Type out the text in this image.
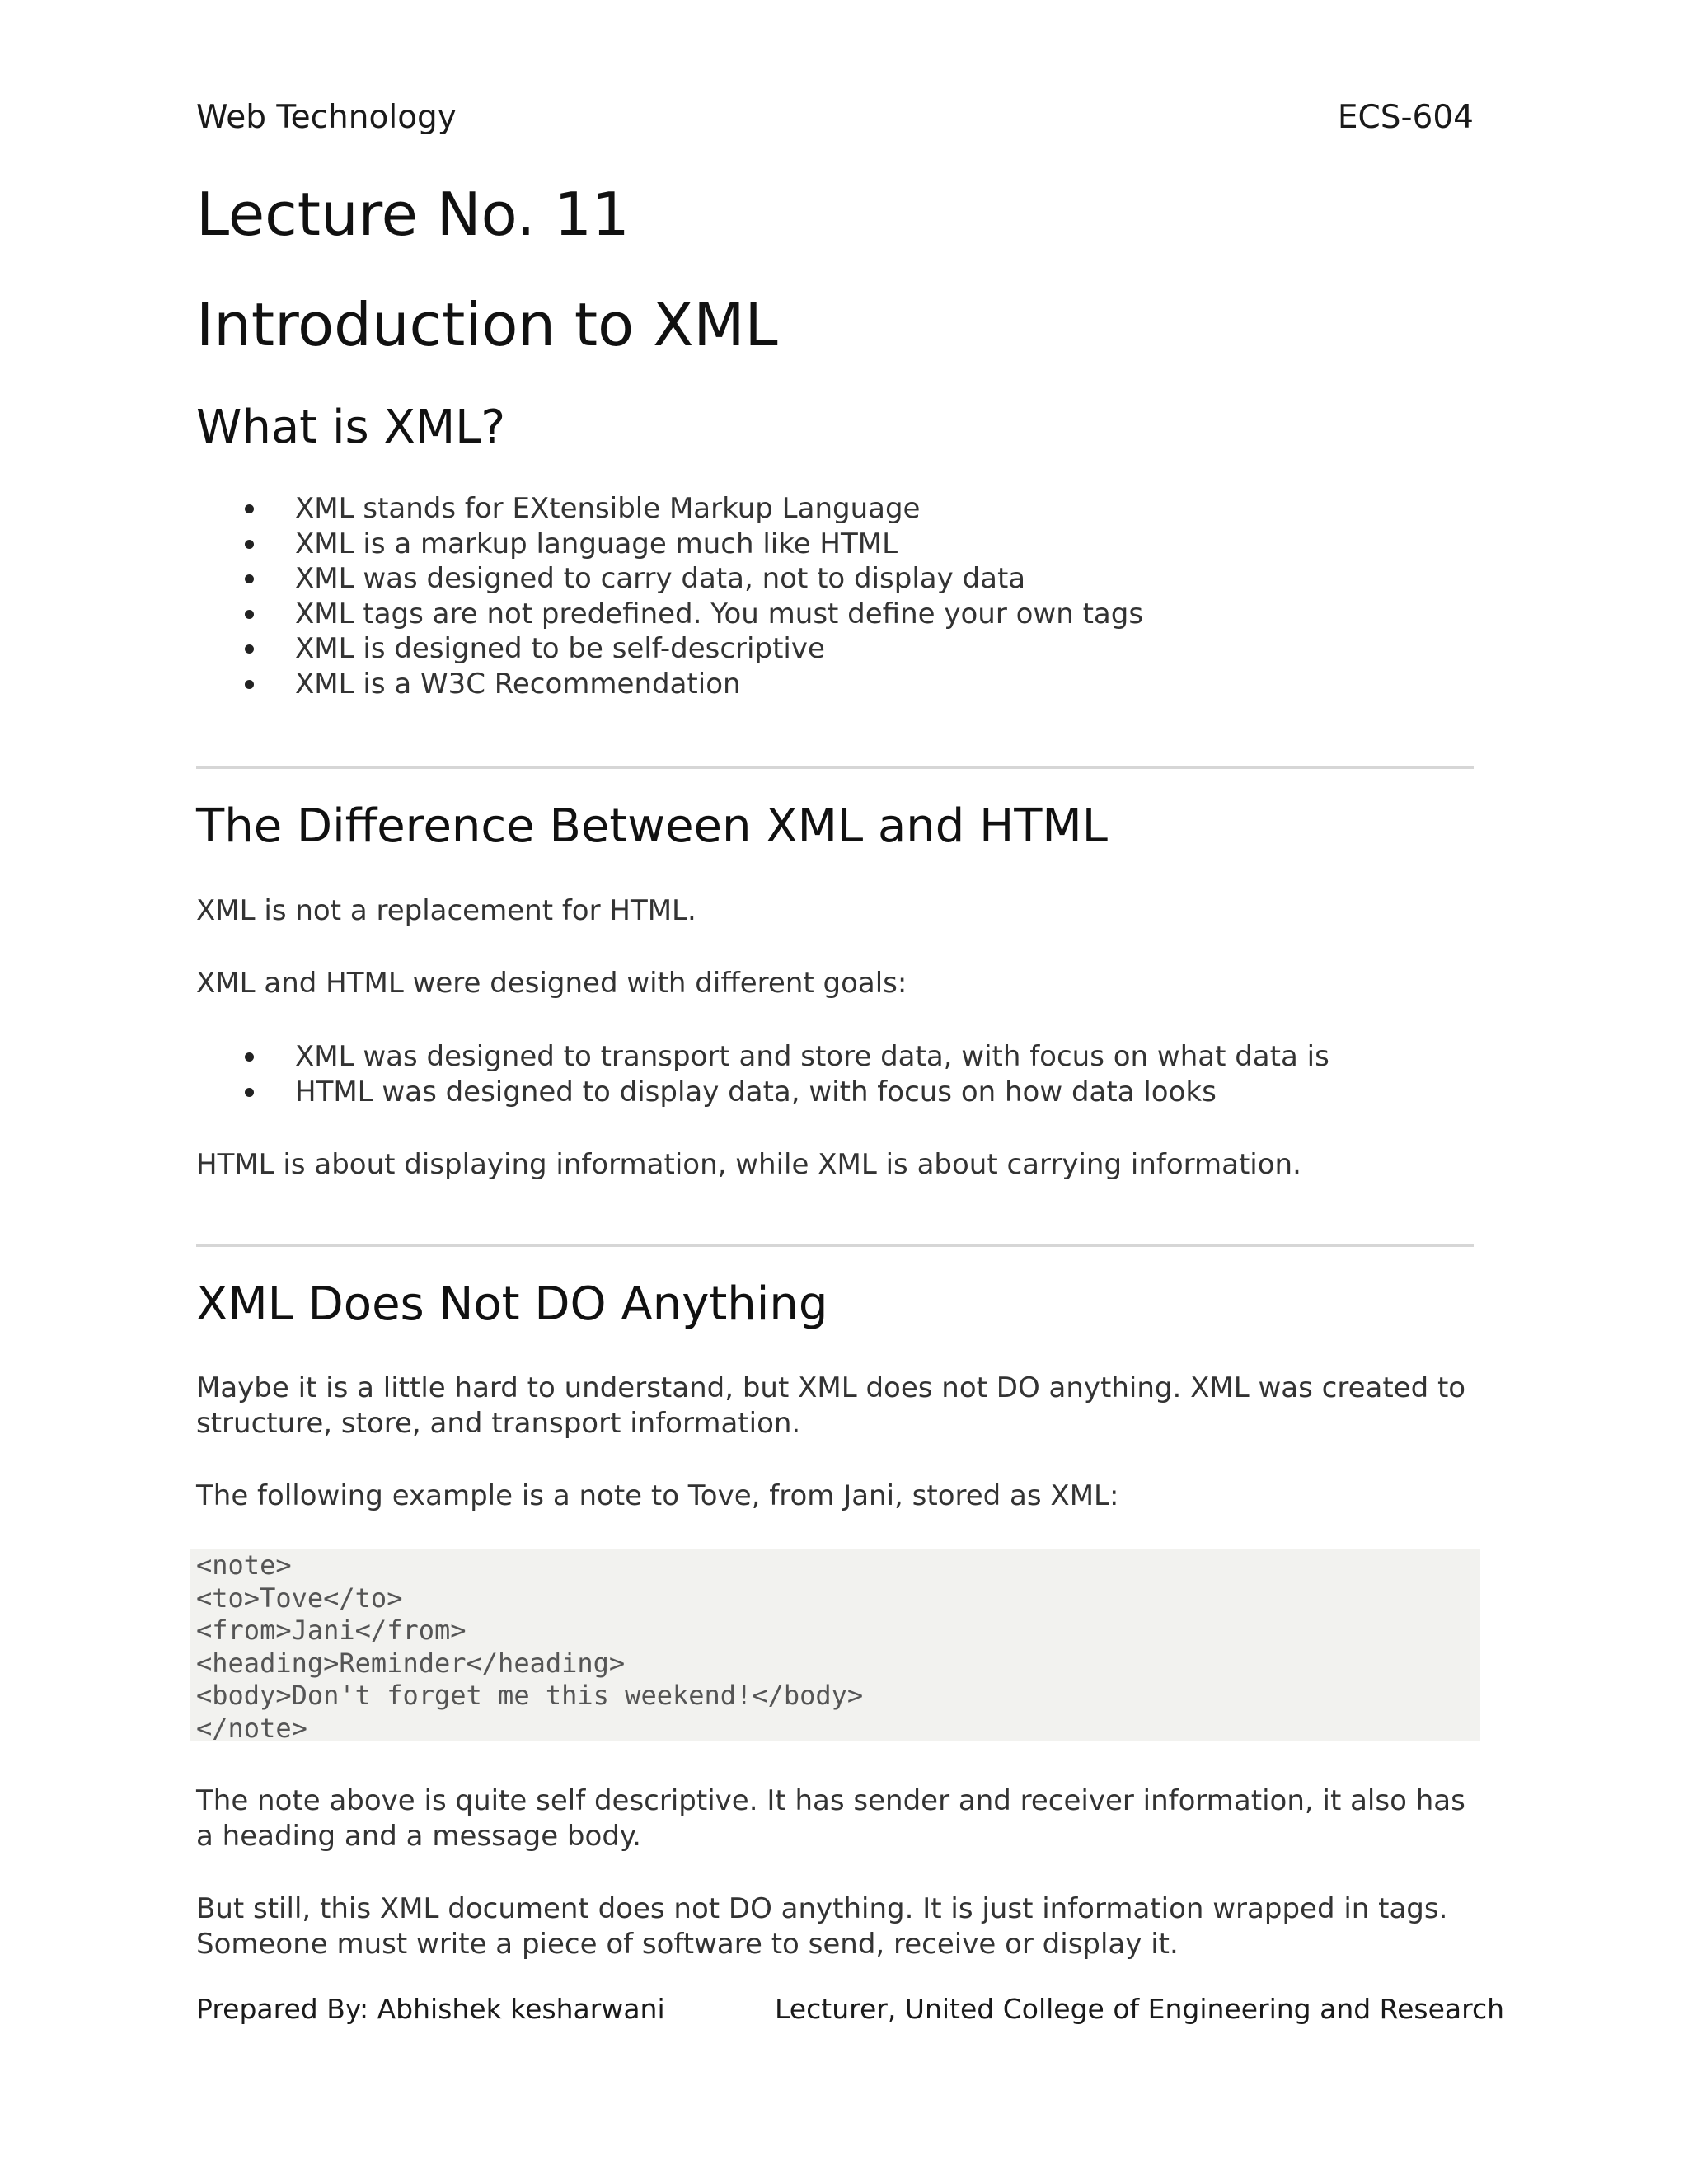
Web Technology	ECS-604
Lecture No. 11
Introduction to XML
What is XML?
XML stands for EXtensible Markup Language
XML is a markup language much like HTML
XML was designed to carry data, not to display data
XML tags are not predefined. You must define your own tags
XML is designed to be self-descriptive
XML is a W3C Recommendation
The Difference Between XML and HTML

XML is not a replacement for HTML.

XML and HTML were designed with different goals:

XML was designed to transport and store data, with focus on what data is
HTML was designed to display data, with focus on how data looks

HTML is about displaying information, while XML is about carrying information.

XML Does Not DO Anything

Maybe it is a little hard to understand, but XML does not DO anything. XML was created to structure, store, and transport information.

The following example is a note to Tove, from Jani, stored as XML:

<note>
<to>Tove</to>
<from>Jani</from>
<heading>Reminder</heading>
<body>Don't forget me this weekend!</body>
</note>

The note above is quite self descriptive. It has sender and receiver information, it also has a heading and a message body.

But still, this XML document does not DO anything. It is just information wrapped in tags. Someone must write a piece of software to send, receive or display it.

Prepared By: Abhishek kesharwani	Lecturer, United College of Engineering and Research
